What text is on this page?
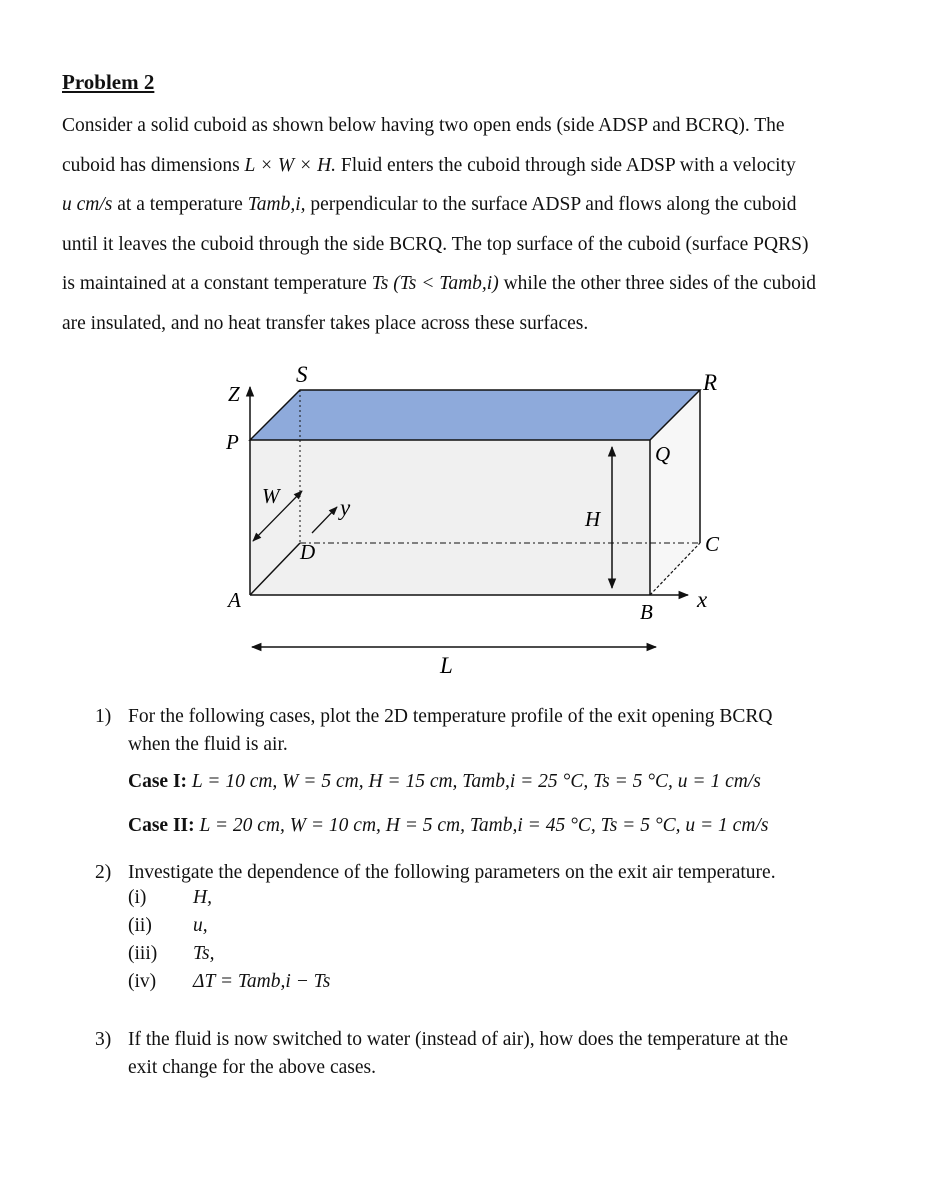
Problem 2
Consider a solid cuboid as shown below having two open ends (side ADSP and BCRQ). The
cuboid has dimensions L × W × H. Fluid enters the cuboid through side ADSP with a velocity
u cm/s at a temperature Tamb,i, perpendicular to the surface ADSP and flows along the cuboid
until it leaves the cuboid through the side BCRQ. The top surface of the cuboid (surface PQRS)
is maintained at a constant temperature Ts (Ts < Tamb,i) while the other three sides of the cuboid
are insulated, and no heat transfer takes place across these surfaces.
S	R
Z
P	Q
W	y	H
D	C
A	B x
L
1) For the following cases, plot the 2D temperature profile of the exit opening BCRQ
when the fluid is air.
Case I: L = 10 cm, W = 5 cm, H = 15 cm, Tamb,i = 25 °C, Ts = 5 °C, u = 1 cm/s
Case II: L = 20 cm, W = 10 cm, H = 5 cm, Tamb,i = 45 °C, Ts = 5 °C, u = 1 cm/s
2) Investigate the dependence of the following parameters on the exit air temperature.
(i) H,
(ii) u,
(iii) Ts,
(iv) ΔT = Tamb,i − Ts
3) If the fluid is now switched to water (instead of air), how does the temperature at the
exit change for the above cases.
